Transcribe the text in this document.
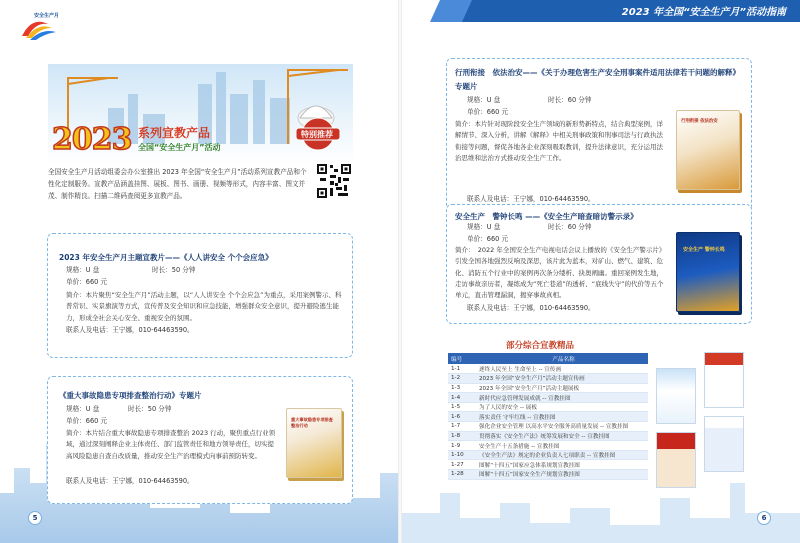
安全生产月
2023 系列宣教产品
全国“安全生产月”活动
特别推荐
全国安全生产月活动组委会办公室推出 2023 年全国“安全生产月”活动系列宣教产品和个性化定制服务。宣教产品涵盖挂图、展板、图书、画册、视频等形式，内容丰富、图文并茂、制作精良。扫描二维码查阅更多宣教产品。
2023 年安全生产月主题宣教片——《人人讲安全 个个会应急》
规格：U 盘	时长：50 分钟
单价：660 元
简介：本片聚焦“安全生产月”活动主题，以“人人讲安全 个个会应急”为重点，采用案例警示、科普常识、实景旗演等方式，宣传普及安全知识和应急技能，增强群众安全意识，提升避险逃生能力，形成全社会关心安全、重视安全的氛围。
联系人及电话：王宁娜，010-64463590。
《重大事故隐患专项排查整治行动》专题片
规格：U 盘	时长：50 分钟
单价：660 元
简介：本片结合重大事故隐患专项排查整治 2023 行动，聚焦重点行业领域，通过深刻阐释企业主体责任、部门监管责任和地方领导责任，切实提高风险隐患自查自改质量，推动安全生产治理模式向事前预防转变。
联系人及电话：王宁娜，010-64463590。
重大事故隐患专项排查整治行动
5
2023 年全国“安全生产月”活动指南
行刑衔接　依法治安——《关于办理危害生产安全刑事案件适用法律若干问题的解释》专题片
规格：U 盘	时长：60 分钟
单价：660 元
简介：本片针对现阶段安全生产领域的新形势新特点，结合典型案例，详解情节、深入分析，讲解《解释》中相关刑事政策和刑事司法与行政执法衔接等问题，督促各地各企业深刻吸取教训，提升法律意识，充分运用法治思维和法治方式推动安全生产工作。
联系人及电话：王宁娜，010-64463590。
行刑衔接 依法治安
安全生产　警钟长鸣 ——《安全生产暗查暗访警示录》
规格：U 盘	时长：60 分钟
单价：660 元
简介：　2022 年全国安全生产电视电话会议上播放的《安全生产警示片》引发全国各地强烈反响及深思，该片此为蓝本，对矿山、燃气、建筑、危化、消防五个行业中的案例再次条分缕析、抉奥阐幽。重回案例发生地，走访事故亲历者，凝练成为“死亡巷道”的透析、“底线失守”的代价等五个单元，直击管理漏洞，揭穿事故真相。
联系人及电话：王宁娜，010-64463590。
安全生产 警钟长鸣
部分综合宣教精品
编号	产品名称
1-1	逐终人民至上 生命至上 -- 宣传画
1-2	2023 年全国“安全生产月”活动主题宣传画
1-3	2023 年全国“安全生产月”活动主题展板
1-4	新时代应急管理发展成就 -- 宣教挂图
1-5	为了人民的安全 -- 展板
1-6	落实责任 守牢红线 -- 宣教挂图
1-7	强化企业安全管理 以高水平安全服务高质量发展 -- 宣教挂图
1-8	贯彻落实《安全生产法》统筹发展和安全 -- 宣教挂图
1-9	安全生产十五条措施 -- 宣教挂图
1-10	《安全生产法》规定的企业负责人七项职责 -- 宣教挂图
1-27	图解“十四五”国家应急体系规划宣教挂图
1-28	图解“十四五”国家安全生产规划宣教挂图
6
